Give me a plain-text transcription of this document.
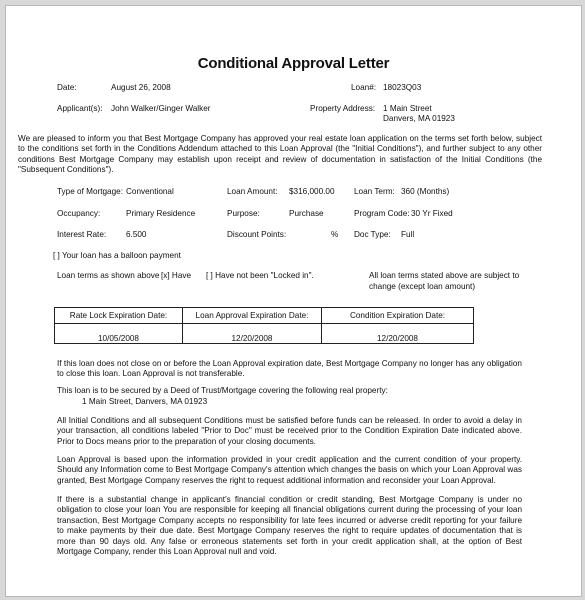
Conditional Approval Letter
Date:	August 26, 2008	Loan#: 18023Q03
Applicant(s): John Walker/Ginger Walker	Property Address: 1 Main Street
Danvers, MA 01923
We are pleased to inform you that Best Mortgage Company has approved your real estate loan application on the terms set forth below, subject to the conditions set forth in the Conditions Addendum attached to this Loan Approval (the "Initial Conditions"), and further subject to any other conditions Best Mortgage Company may establish upon receipt and review of documentation in satisfaction of the Initial Conditions (the "Subsequent Conditions").
Type of Mortgage: Conventional	Loan Amount: $316,000.00 Loan Term: 360 (Months)
Occupancy:	Primary Residence	Purpose:	Purchase	Program Code: 30 Yr Fixed
Interest Rate: 6.500	Discount Points:	% Doc Type: Full
[ ] Your loan has a balloon payment
Loan terms as shown above [x] Have [ ] Have not been "Locked in".	All loan terms stated above are subject to
change (except loan amount)
Rate Lock Expiration Date:	Loan Approval Expiration Date:	Condition Expiration Date:
10/05/2008	12/20/2008	12/20/2008
If this loan does not close on or before the Loan Approval expiration date, Best Mortgage Company no longer has any obligation to close this loan. Loan Approval is not transferable.
This loan is to be secured by a Deed of Trust/Mortgage covering the following real property:
1 Main Street, Danvers, MA 01923
All Initial Conditions and all subsequent Conditions must be satisfied before funds can be released. In order to avoid a delay in your transaction, all conditions labeled "Prior to Doc" must be received prior to the Condition Expiration Date indicated above. Prior to Docs means prior to the preparation of your closing documents.
Loan Approval is based upon the information provided in your credit application and the current condition of your property. Should any Information come to Best Mortgage Company's attention which changes the basis on which your Loan Approval was granted, Best Mortgage Company reserves the right to request additional information and reconsider your Loan Approval.
If there is a substantial change in applicant's financial condition or credit standing, Best Mortgage Company is under no obligation to close your loan You are responsible for keeping all financial obligations current during the processing of your loan transaction, Best Mortgage Company accepts no responsibility for late fees incurred or adverse credit reporting for your failure to make payments by their due date. Best Mortgage Company reserves the right to require updates of documentation that is more than 90 days old. Any false or erroneous statements set forth in your credit application shall, at the option of Best Mortgage Company, render this Loan Approval null and void.
